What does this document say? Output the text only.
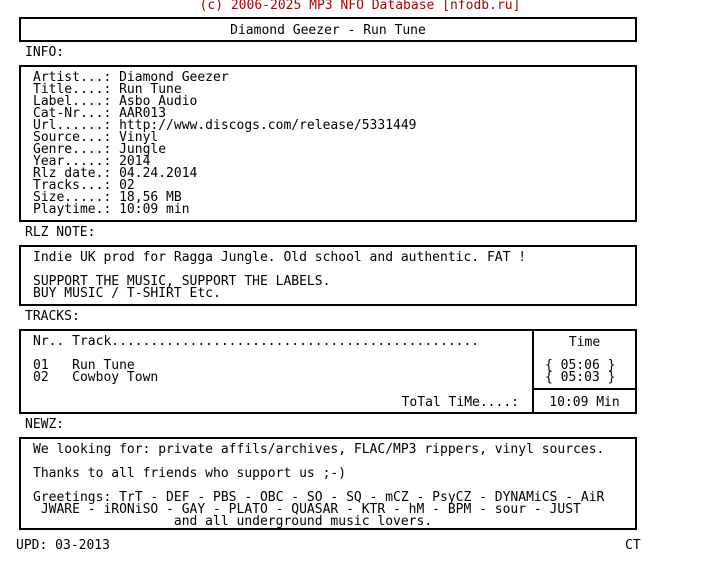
(c) 2006-2025 MP3 NFO Database [nfodb.ru]
Diamond Geezer - Run Tune
INFO:
Artist...: Diamond Geezer
Title....: Run Tune
Label....: Asbo Audio
Cat-Nr...: AAR013
Url......: http://www.discogs.com/release/5331449
Source...: Vinyl
Genre....: Jungle
Year.....: 2014
Rlz date.: 04.24.2014
Tracks...: 02
Size.....: 18,56 MB
Playtime.: 10:09 min
RLZ NOTE:
Indie UK prod for Ragga Jungle. Old school and authentic. FAT !

SUPPORT THE MUSIC, SUPPORT THE LABELS.
BUY MUSIC / T-SHIRT Etc.
TRACKS:
Nr.. Track...............................................

01 Run Tune
02 Cowboy Town
Time
{ 05:06 }
{ 05:03 }
ToTal TiMe....:	10:09 Min
NEWZ:
We looking for: private affils/archives, FLAC/MP3 rippers, vinyl sources.

Thanks to all friends who support us ;-)

Greetings: TrT - DEF - PBS - OBC - SO - SQ - mCZ - PsyCZ - DYNAMiCS - AiR
JWARE - iRONiSO - GAY - PLATO - QUASAR - KTR - hM - BPM - sour - JUST
and all underground music lovers.
UPD: 03-2013	CT
